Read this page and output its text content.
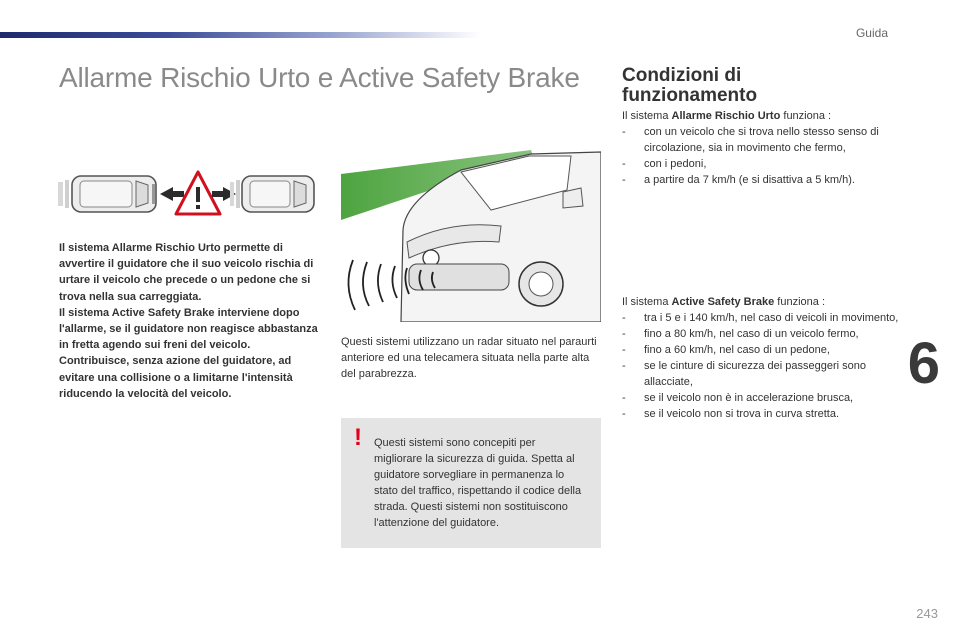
Guida
Allarme Rischio Urto e Active Safety Brake Condizioni di funzionamento

Il sistema Allarme Rischio Urto funziona :

- con un veicolo che si trova nello stesso senso di circolazione, sia in movimento che fermo,
- con i pedoni,
- a partire da 7 km/h (e si disattiva a 5 km/h).

Il sistema Active Safety Brake funziona :

- tra i 5 e i 140 km/h, nel caso di veicoli in movimento,
- fino a 80 km/h, nel caso di un veicolo fermo,
- fino a 60 km/h, nel caso di un pedone,
- se le cinture di sicurezza dei passeggeri sono allacciate,
- se il veicolo non è in accelerazione brusca,
- se il veicolo non si trova in curva stretta.

Il sistema Allarme Rischio Urto permette di avvertire il guidatore che il suo veicolo rischia di urtare il veicolo che precede o un pedone che si trova nella sua carreggiata.

Il sistema Active Safety Brake interviene dopo l'allarme, se il guidatore non reagisce abbastanza in fretta agendo sui freni del veicolo.

Contribuisce, senza azione del guidatore, ad evitare una collisione o a limitarne l'intensità riducendo la velocità del veicolo.

Questi sistemi utilizzano un radar situato nel paraurti anteriore ed una telecamera situata nella parte alta del parabrezza.

! Questi sistemi sono concepiti per migliorare la sicurezza di guida. Spetta al guidatore sorvegliare in permanenza lo stato del traffico, rispettando il codice della strada. Questi sistemi non sostituiscono l'attenzione del guidatore.

6
243
